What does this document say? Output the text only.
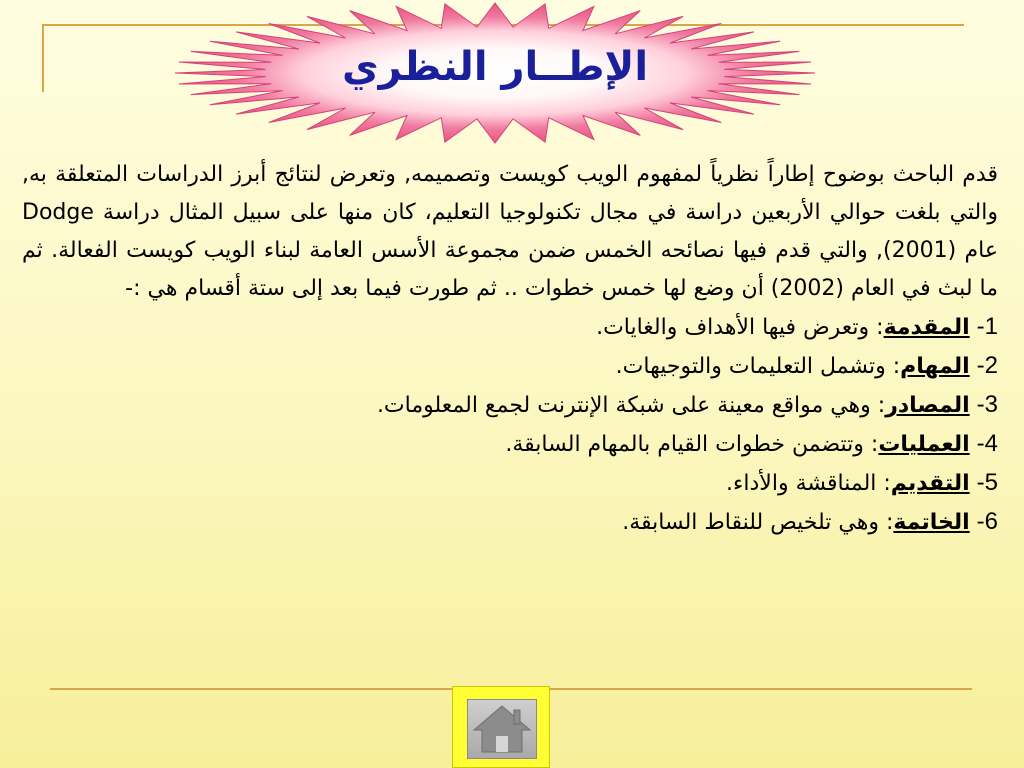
الإطــار النظري

قدم الباحث بوضوح إطاراً نظرياً لمفهوم الويب كويست وتصميمه, وتعرض لنتائج أبرز الدراسات المتعلقة به, والتي بلغت حوالي الأربعين دراسة في مجال تكنولوجيا التعليم، كان منها على سبيل المثال دراسة Dodge عام (2001), والتي قدم فيها نصائحه الخمس ضمن مجموعة الأسس العامة لبناء الويب كويست الفعالة. ثم ما لبث في العام (2002) أن وضع لها خمس خطوات .. ثم طورت فيما بعد إلى ستة أقسام هي :-

1- المقدمة: وتعرض فيها الأهداف والغايات.
2- المهام: وتشمل التعليمات والتوجيهات.
3- المصادر: وهي مواقع معينة على شبكة الإنترنت لجمع المعلومات.
4- العمليات: وتتضمن خطوات القيام بالمهام السابقة.
5- التقديم: المناقشة والأداء.
6- الخاتمة: وهي تلخيص للنقاط السابقة.
